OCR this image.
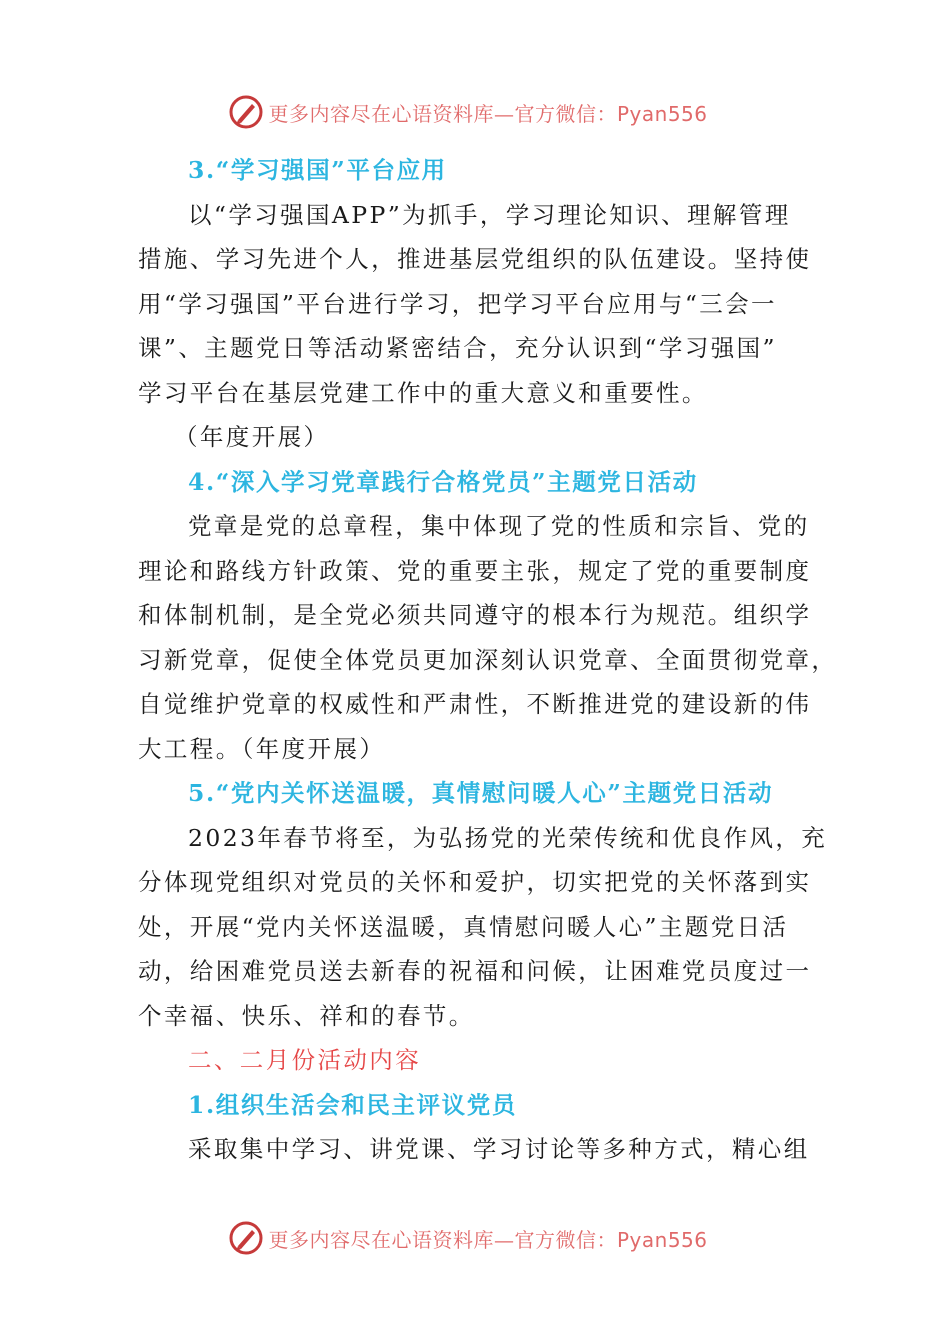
更多内容尽在心语资料库—官方微信：Pyan556

3.“学习强国”平台应用

以“学习强国APP”为抓手，学习理论知识、理解管理
措施、学习先进个人，推进基层党组织的队伍建设。坚持使
用“学习强国”平台进行学习，把学习平台应用与“三会一
课”、主题党日等活动紧密结合，充分认识到“学习强国”
学习平台在基层党建工作中的重大意义和重要性。

（年度开展）

4.“深入学习党章践行合格党员”主题党日活动

党章是党的总章程，集中体现了党的性质和宗旨、党的
理论和路线方针政策、党的重要主张，规定了党的重要制度
和体制机制，是全党必须共同遵守的根本行为规范。组织学
习新党章，促使全体党员更加深刻认识党章、全面贯彻党章，
自觉维护党章的权威性和严肃性，不断推进党的建设新的伟
大工程。（年度开展）

5.“党内关怀送温暖，真情慰问暖人心”主题党日活动

2023年春节将至，为弘扬党的光荣传统和优良作风，充
分体现党组织对党员的关怀和爱护，切实把党的关怀落到实
处，开展“党内关怀送温暖，真情慰问暖人心”主题党日活
动，给困难党员送去新春的祝福和问候，让困难党员度过一
个幸福、快乐、祥和的春节。

二、二月份活动内容

1.组织生活会和民主评议党员

采取集中学习、讲党课、学习讨论等多种方式，精心组
更多内容尽在心语资料库—官方微信：Pyan556
